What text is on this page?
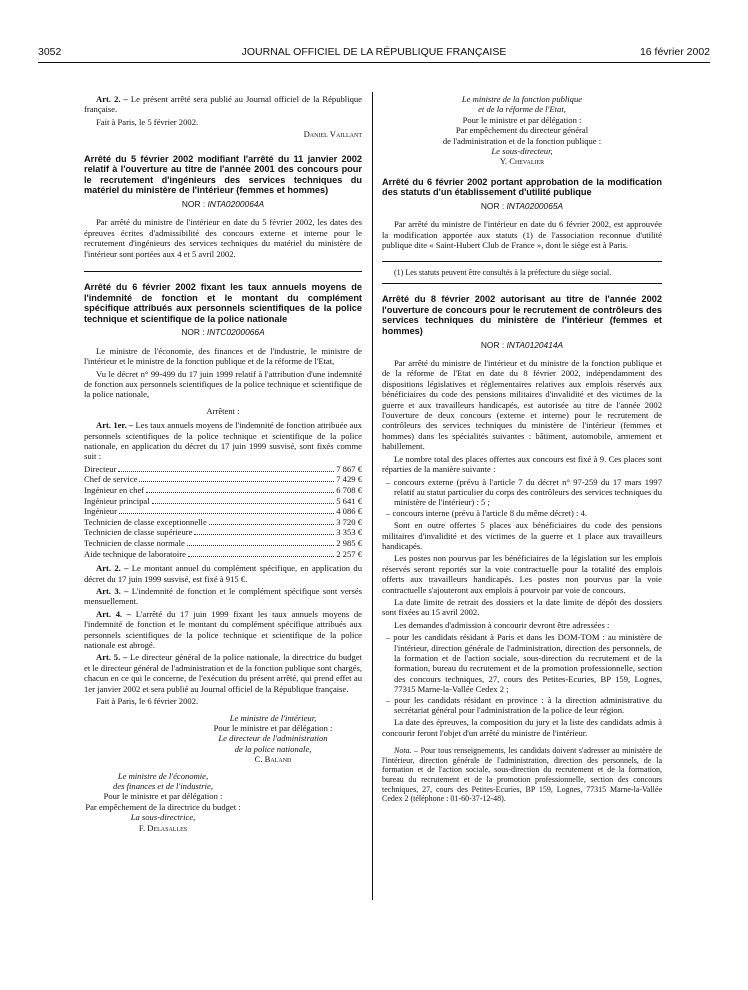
3052	JOURNAL OFFICIEL DE LA RÉPUBLIQUE FRANÇAISE	16 février 2002

Art. 2. – Le présent arrêté sera publié au Journal officiel de la République française.

Fait à Paris, le 5 février 2002.

Daniel Vaillant

Arrêté du 5 février 2002 modifiant l'arrêté du 11 janvier 2002 relatif à l'ouverture au titre de l'année 2001 des concours pour le recrutement d'ingénieurs des services techniques du matériel du ministère de l'intérieur (femmes et hommes)

NOR : INTA0200064A

Par arrêté du ministre de l'intérieur en date du 5 février 2002, les dates des épreuves écrites d'admissibilité des concours externe et interne pour le recrutement d'ingénieurs des services techniques du matériel du ministère de l'intérieur sont portées aux 4 et 5 avril 2002.

Arrêté du 6 février 2002 fixant les taux annuels moyens de l'indemnité de fonction et le montant du complément spécifique attribués aux personnels scientifiques de la police technique et scientifique de la police nationale

NOR : INTC0200066A

Le ministre de l'économie, des finances et de l'industrie, le ministre de l'intérieur et le ministre de la fonction publique et de la réforme de l'Etat,

Vu le décret n° 99-499 du 17 juin 1999 relatif à l'attribution d'une indemnité de fonction aux personnels scientifiques de la police technique et scientifique de la police nationale,

Arrêtent :

Art. 1er. – Les taux annuels moyens de l'indemnité de fonction attribuée aux personnels scientifiques de la police technique et scientifique de la police nationale, en application du décret du 17 juin 1999 susvisé, sont fixés comme suit :

Directeur	7 867 €
Chef de service	7 429 €
Ingénieur en chef	6 708 €
Ingénieur principal	5 641 €
Ingénieur	4 086 €
Technicien de classe exceptionnelle	3 720 €
Technicien de classe supérieure	3 353 €
Technicien de classe normale	2 985 €
Aide technique de laboratoire	2 257 €

Art. 2. – Le montant annuel du complément spécifique, en application du décret du 17 juin 1999 susvisé, est fixé à 915 €.

Art. 3. – L'indemnité de fonction et le complément spécifique sont versés mensuellement.

Art. 4. – L'arrêté du 17 juin 1999 fixant les taux annuels moyens de l'indemnité de fonction et le montant du complément spécifique attribués aux personnels scientifiques de la police technique et scientifique de la police nationale est abrogé.

Art. 5. – Le directeur général de la police nationale, la directrice du budget et le directeur général de l'administration et de la fonction publique sont chargés, chacun en ce qui le concerne, de l'exécution du présent arrêté, qui prend effet au 1er janvier 2002 et sera publié au Journal officiel de la République française.

Fait à Paris, le 6 février 2002.

Le ministre de l'intérieur,

Pour le ministre et par délégation :

Le directeur de l'administration

de la police nationale,

C. Baland

Le ministre de l'économie,

des finances et de l'industrie,

Pour le ministre et par délégation :

Par empêchement de la directrice du budget :

La sous-directrice,

F. Delasalles

Le ministre de la fonction publique

et de la réforme de l'Etat,

Pour le ministre et par délégation :

Par empêchement du directeur général

de l'administration et de la fonction publique :

Le sous-directeur,

Y. Chevalier

Arrêté du 6 février 2002 portant approbation de la modification des statuts d'un établissement d'utilité publique

NOR : INTA0200065A

Par arrêté du ministre de l'intérieur en date du 6 février 2002, est approuvée la modification apportée aux statuts (1) de l'association reconnue d'utilité publique dite « Saint-Hubert Club de France », dont le siège est à Paris.

(1) Les statuts peuvent être consultés à la préfecture du siège social.

Arrêté du 8 février 2002 autorisant au titre de l'année 2002 l'ouverture de concours pour le recrutement de contrôleurs des services techniques du ministère de l'intérieur (femmes et hommes)

NOR : INTA0120414A

Par arrêté du ministre de l'intérieur et du ministre de la fonction publique et de la réforme de l'Etat en date du 8 février 2002, indépendamment des dispositions législatives et réglementaires relatives aux emplois réservés aux bénéficiaires du code des pensions militaires d'invalidité et des victimes de la guerre et aux travailleurs handicapés, est autorisée au titre de l'année 2002 l'ouverture de deux concours (externe et interne) pour le recrutement de contrôleurs des services techniques du ministère de l'intérieur (femmes et hommes) dans les spécialités suivantes : bâtiment, automobile, armement et habillement.

Le nombre total des places offertes aux concours est fixé à 9. Ces places sont réparties de la manière suivante :

– concours externe (prévu à l'article 7 du décret n° 97-259 du 17 mars 1997 relatif au statut particulier du corps des contrôleurs des services techniques du ministère de l'intérieur) : 5 ;
– concours interne (prévu à l'article 8 du même décret) : 4.

Sont en outre offertes 5 places aux bénéficiaires du code des pensions militaires d'invalidité et des victimes de la guerre et 1 place aux travailleurs handicapés.

Les postes non pourvus par les bénéficiaires de la législation sur les emplois réservés seront reportés sur la voie contractuelle pour la totalité des emplois offerts aux travailleurs handicapés. Les postes non pourvus par la voie contractuelle s'ajouteront aux emplois à pourvoir par voie de concours.

La date limite de retrait des dossiers et la date limite de dépôt des dossiers sont fixées au 15 avril 2002.

Les demandes d'admission à concourir devront être adressées :

– pour les candidats résidant à Paris et dans les DOM-TOM : au ministère de l'intérieur, direction générale de l'administration, direction des personnels, de la formation et de l'action sociale, sous-direction du recrutement et de la formation, bureau du recrutement et de la promotion professionnelle, section des concours techniques, 27, cours des Petites-Ecuries, BP 159, Lognes, 77315 Marne-la-Vallée Cedex 2 ;
– pour les candidats résidant en province : à la direction administrative du secrétariat général pour l'administration de la police de leur région.

La date des épreuves, la composition du jury et la liste des candidats admis à concourir feront l'objet d'un arrêté du ministre de l'intérieur.

Nota. – Pour tous renseignements, les candidats doivent s'adresser au ministère de l'intérieur, direction générale de l'administration, direction des personnels, de la formation et de l'action sociale, sous-direction du recrutement et de la formation, bureau du recrutement et de la promotion professionnelle, section des concours techniques, 27, cours des Petites-Ecuries, BP 159, Lognes, 77315 Marne-la-Vallée Cedex 2 (téléphone : 01-60-37-12-48).
